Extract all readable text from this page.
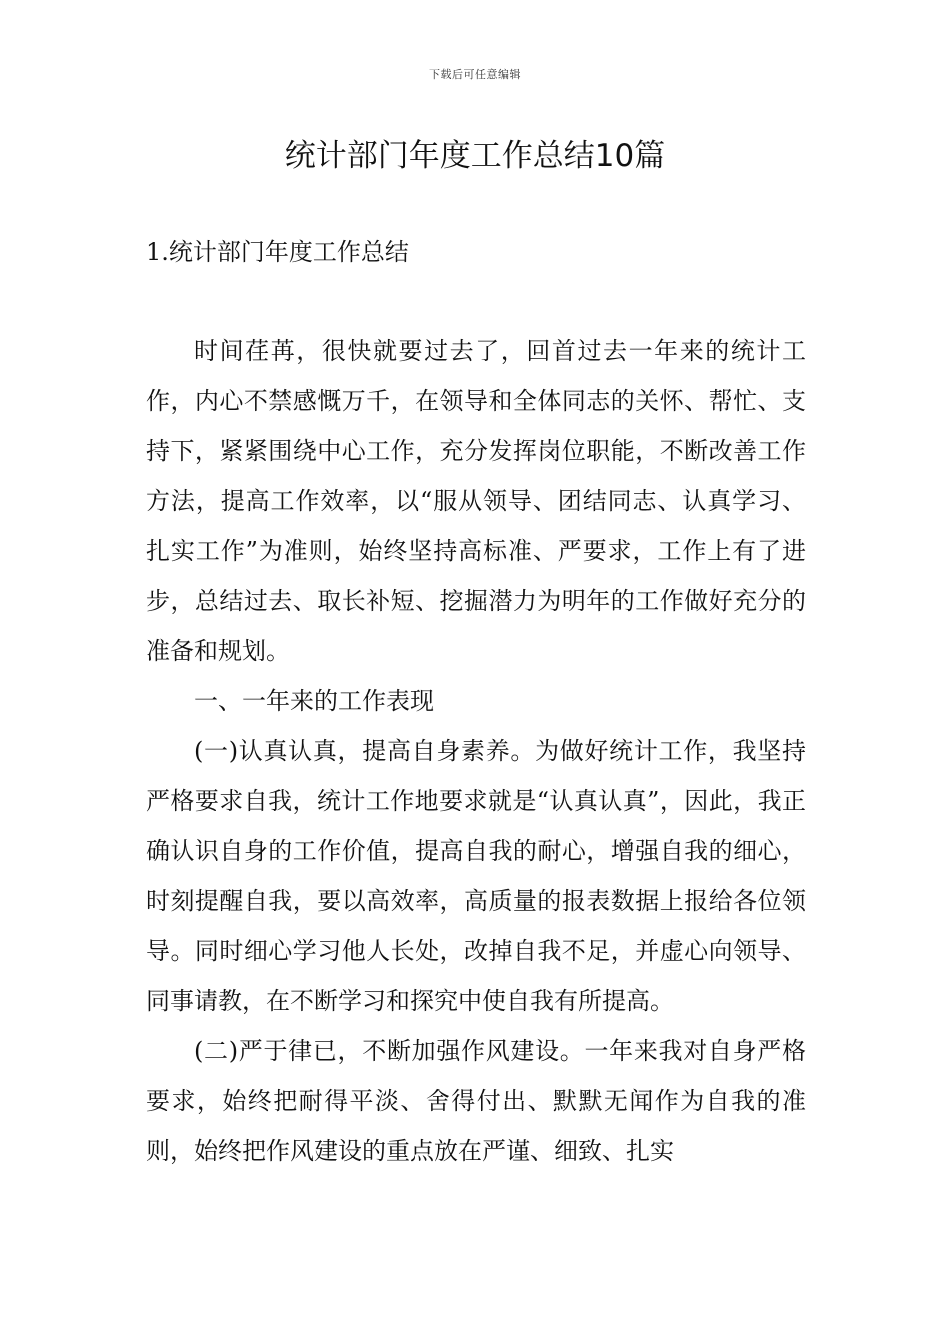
下载后可任意编辑
统计部门年度工作总结10篇
1.统计部门年度工作总结

时间荏苒，很快就要过去了，回首过去一年来的统计工作，内心不禁感慨万千，在领导和全体同志的关怀、帮忙、支持下，紧紧围绕中心工作，充分发挥岗位职能，不断改善工作方法，提高工作效率，以“服从领导、团结同志、认真学习、扎实工作”为准则，始终坚持高标准、严要求，工作上有了进步，总结过去、取长补短、挖掘潜力为明年的工作做好充分的准备和规划。

一、一年来的工作表现

(一)认真认真，提高自身素养。为做好统计工作，我坚持严格要求自我，统计工作地要求就是“认真认真”，因此，我正确认识自身的工作价值，提高自我的耐心，增强自我的细心，时刻提醒自我，要以高效率，高质量的报表数据上报给各位领导。同时细心学习他人长处，改掉自我不足，并虚心向领导、同事请教，在不断学习和探究中使自我有所提高。

(二)严于律已，不断加强作风建设。一年来我对自身严格要求，始终把耐得平淡、舍得付出、默默无闻作为自我的准则，始终把作风建设的重点放在严谨、细致、扎实
